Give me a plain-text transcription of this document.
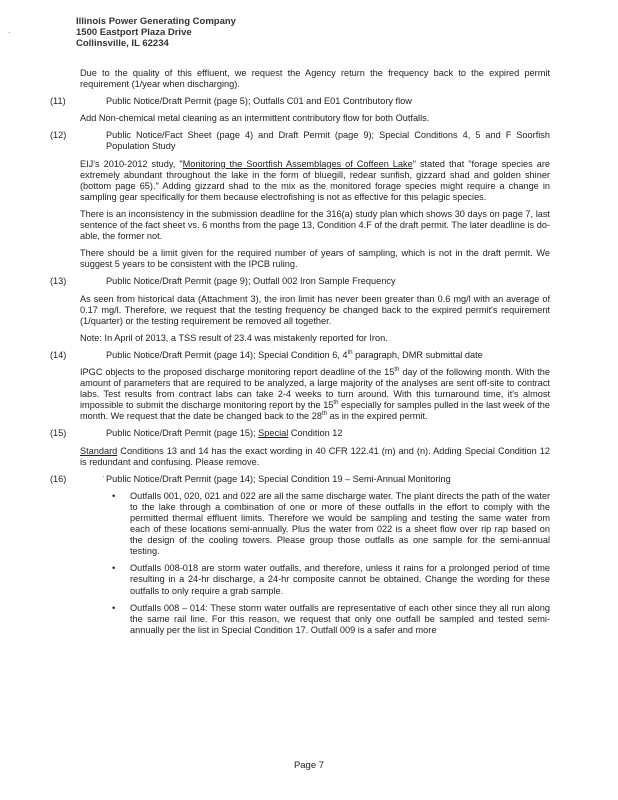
·
·
Illinois Power Generating Company
1500 Eastport Plaza Drive
Collinsville, IL 62234

Due to the quality of this effluent, we request the Agency return the frequency back to the expired permit requirement (1/year when discharging).

(11)	Public Notice/Draft Permit (page 5); Outfalls C01 and E01 Contributory flow

Add Non-chemical metal cleaning as an intermittent contributory flow for both Outfalls.

(12)	Public Notice/Fact Sheet (page 4) and Draft Permit (page 9); Special Conditions 4, 5 and F Soorfish Population Study

EIJ's 2010-2012 study, "Monitoring the Soortfish Assemblages of Coffeen Lake" stated that "forage species are extremely abundant throughout the lake in the form of bluegill, redear sunfish, gizzard shad and golden shiner (bottom page 65)." Adding gizzard shad to the mix as the monitored forage species might require a change in sampling gear specifically for them because electrofishing is not as effective for this pelagic species.

There is an inconsistency in the submission deadline for the 316(a) study plan which shows 30 days on page 7, last sentence of the fact sheet vs. 6 months from the page 13, Condition 4.F of the draft permit. The later deadline is do-able, the former not.

There should be a limit given for the required number of years of sampling, which is not in the draft permit. We suggest 5 years to be consistent with the IPCB ruling.

(13)	Public Notice/Draft Permit (page 9); Outfall 002 Iron Sample Frequency

As seen from historical data (Attachment 3), the iron limit has never been greater than 0.6 mg/l with an average of 0.17 mg/l. Therefore, we request that the testing frequency be changed back to the expired permit's requirement (1/quarter) or the testing requirement be removed all together.

Note: In April of 2013, a TSS result of 23.4 was mistakenly reported for Iron.

(14)	Public Notice/Draft Permit (page 14); Special Condition 6, 4th paragraph, DMR submittal date

IPGC objects to the proposed discharge monitoring report deadline of the 15th day of the following month. With the amount of parameters that are required to be analyzed, a large majority of the analyses are sent off-site to contract labs. Test results from contract labs can take 2-4 weeks to turn around. With this turnaround time, it's almost impossible to submit the discharge monitoring report by the 15th especially for samples pulled in the last week of the month. We request that the date be changed back to the 28th as in the expired permit.

(15)	Public Notice/Draft Permit (page 15); Special Condition 12

Standard Conditions 13 and 14 has the exact wording in 40 CFR 122.41 (m) and (n). Adding Special Condition 12 is redundant and confusing. Please remove.

(16)	Public Notice/Draft Permit (page 14); Special Condition 19 – Semi-Annual Monitoring

• Outfalls 001, 020, 021 and 022 are all the same discharge water. The plant directs the path of the water to the lake through a combination of one or more of these outfalls in the effort to comply with the permitted thermal effluent limits. Therefore we would be sampling and testing the same water from each of these locations semi-annually. Plus the water from 022 is a sheet flow over rip rap based on the design of the cooling towers. Please group those outfalls as one sample for the semi-annual testing.
• Outfalls 008-018 are storm water outfalls, and therefore, unless it rains for a prolonged period of time resulting in a 24-hr discharge, a 24-hr composite cannot be obtained. Change the wording for these outfalls to only require a grab sample.
• Outfalls 008 – 014: These storm water outfalls are representative of each other since they all run along the same rail line. For this reason, we request that only one outfall be sampled and tested semi-annually per the list in Special Condition 17. Outfall 009 is a safer and more
Page 7
